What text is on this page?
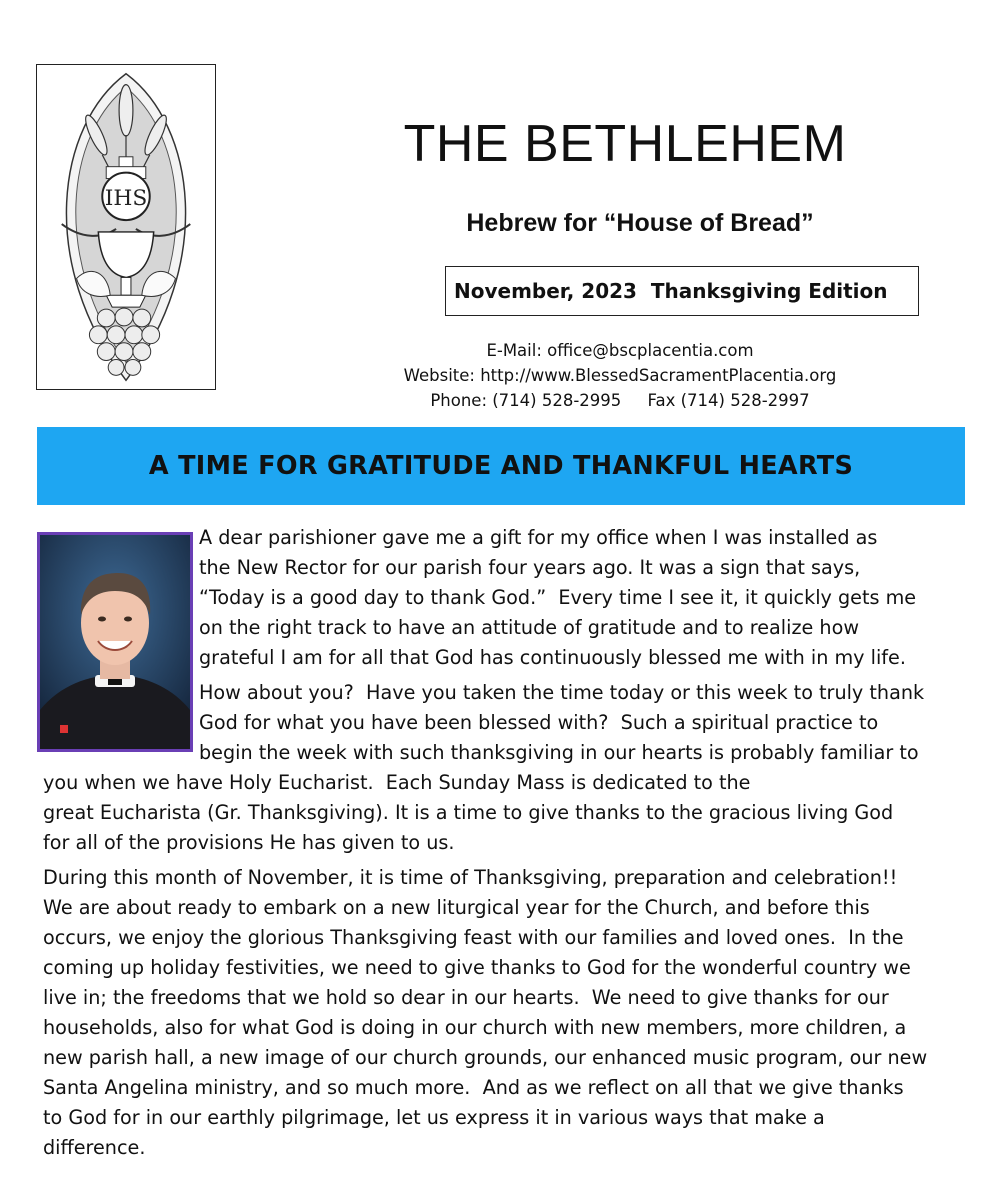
IHS
THE BETHLEHEM
Hebrew for “House of Bread”
November, 2023  Thanksgiving Edition
E-Mail: office@bscplacentia.com
Website: http://www.BlessedSacramentPlacentia.org
Phone: (714) 528-2995     Fax (714) 528-2997
A TIME FOR GRATITUDE AND THANKFUL HEARTS

A dear parishioner gave me a gift for my office when I was installed as
the New Rector for our parish four years ago. It was a sign that says,
“Today is a good day to thank God.”  Every time I see it, it quickly gets me
on the right track to have an attitude of gratitude and to realize how
grateful I am for all that God has continuously blessed me with in my life.

How about you?  Have you taken the time today or this week to truly thank
God for what you have been blessed with?  Such a spiritual practice to
begin the week with such thanksgiving in our hearts is probably familiar to
you when we have Holy Eucharist.  Each Sunday Mass is dedicated to the
great Eucharista (Gr. Thanksgiving). It is a time to give thanks to the gracious living God
for all of the provisions He has given to us.

During this month of November, it is time of Thanksgiving, preparation and celebration!!
We are about ready to embark on a new liturgical year for the Church, and before this
occurs, we enjoy the glorious Thanksgiving feast with our families and loved ones.  In the
coming up holiday festivities, we need to give thanks to God for the wonderful country we
live in; the freedoms that we hold so dear in our hearts.  We need to give thanks for our
households, also for what God is doing in our church with new members, more children, a
new parish hall, a new image of our church grounds, our enhanced music program, our new
Santa Angelina ministry, and so much more.  And as we reflect on all that we give thanks
to God for in our earthly pilgrimage, let us express it in various ways that make a
difference.
